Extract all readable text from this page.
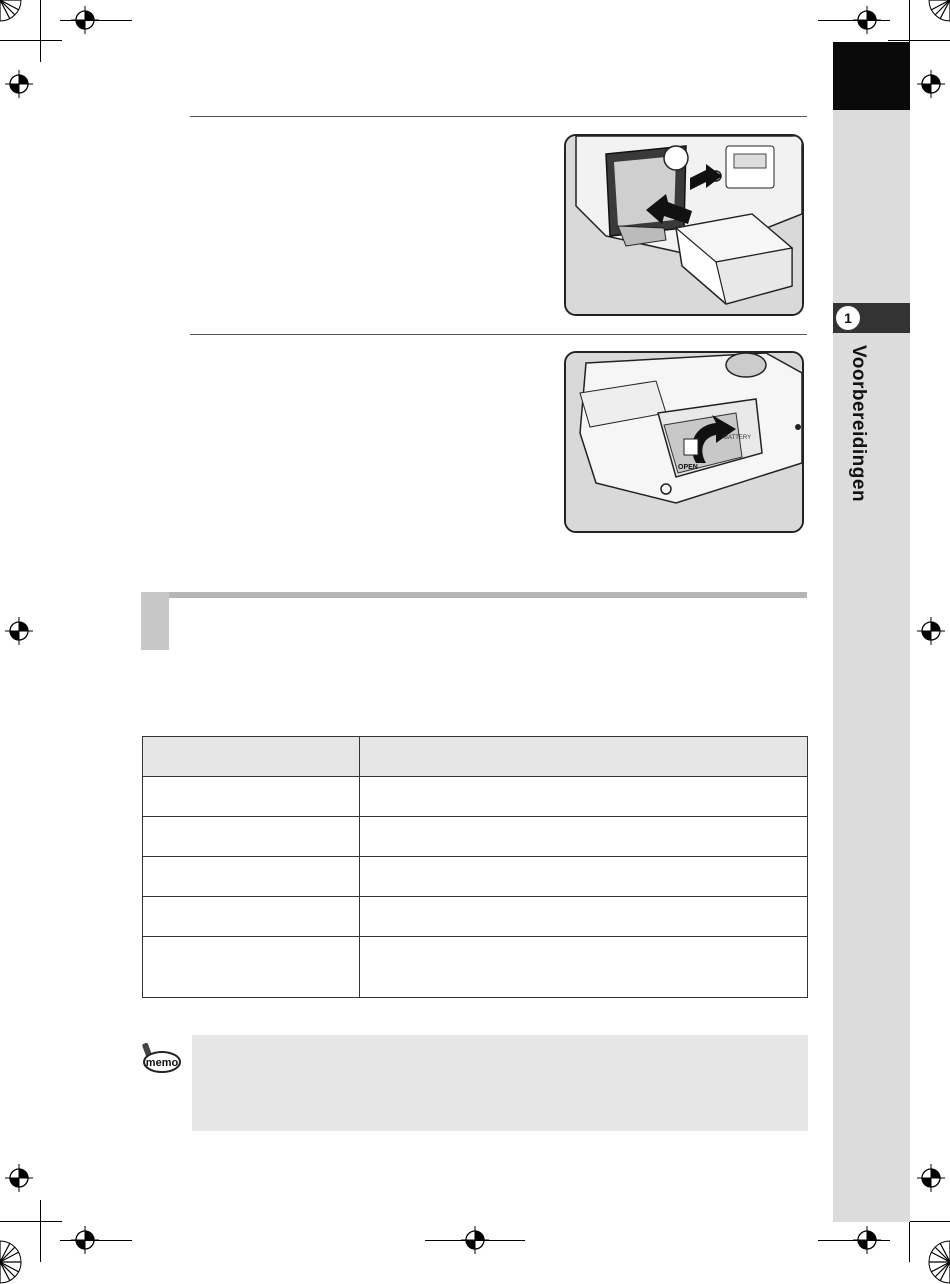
1
Voorbereidingen
OPEN
BATTERY

memo
